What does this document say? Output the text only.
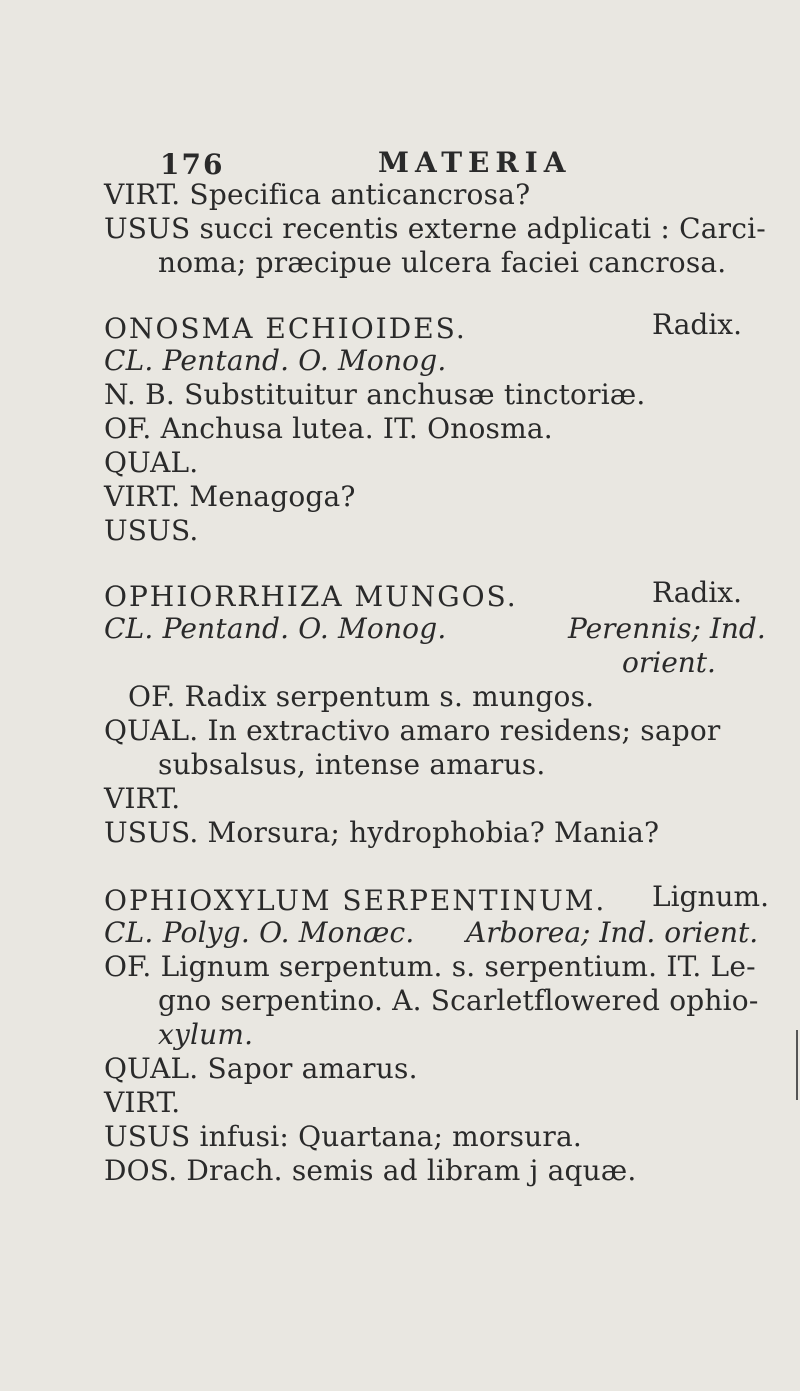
176	MATERIA
VIRT. Specifica anticancrosa?
USUS succi recentis externe adplicati : Carci-
noma; præcipue ulcera faciei cancrosa.
ONOSMA ECHIOIDES.	Radix.
CL. Pentand. O. Monog.
N. B. Substituitur anchusæ tinctoriæ.
OF. Anchusa lutea. IT. Onosma.
QUAL.
VIRT. Menagoga?
USUS.
OPHIORRHIZA MUNGOS.	Radix.
CL. Pentand. O. Monog.	Perennis; Ind.
orient.
OF. Radix serpentum s. mungos.
QUAL. In extractivo amaro residens; sapor
subsalsus, intense amarus.
VIRT.
USUS. Morsura; hydrophobia? Mania?
OPHIOXYLUM SERPENTINUM. Lignum.
CL. Polyg. O. Monæc. Arborea; Ind. orient.
OF. Lignum serpentum. s. serpentium. IT. Le-
gno serpentino. A. Scarletflowered ophio-
xylum.
QUAL. Sapor amarus.
VIRT.
USUS infusi: Quartana; morsura.
DOS. Drach. semis ad libram j aquæ.
